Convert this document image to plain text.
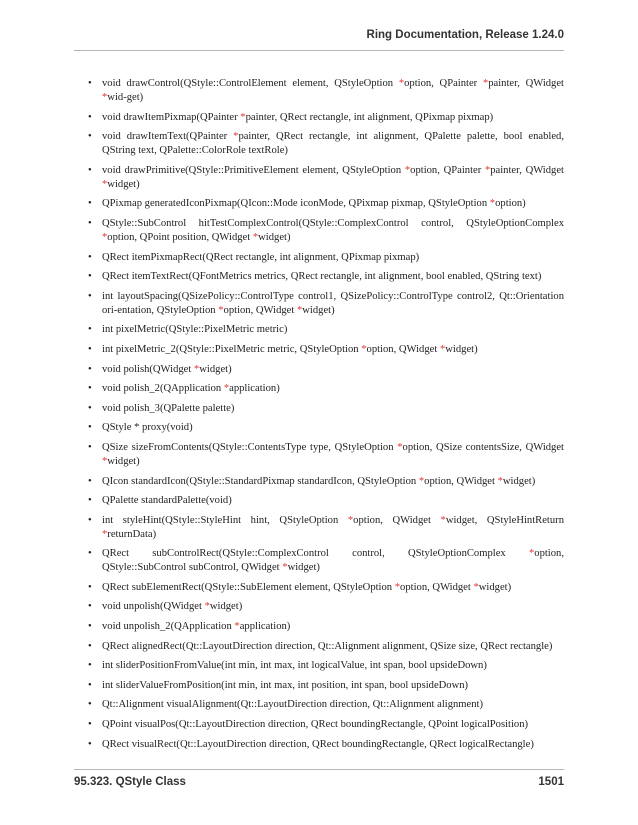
Ring Documentation, Release 1.24.0
• void drawControl(QStyle::ControlElement element, QStyleOption *option, QPainter *painter, QWidget *wid-get)
• void drawItemPixmap(QPainter *painter, QRect rectangle, int alignment, QPixmap pixmap)
• void drawItemText(QPainter *painter, QRect rectangle, int alignment, QPalette palette, bool enabled, QString text, QPalette::ColorRole textRole)
• void drawPrimitive(QStyle::PrimitiveElement element, QStyleOption *option, QPainter *painter, QWidget *widget)
• QPixmap generatedIconPixmap(QIcon::Mode iconMode, QPixmap pixmap, QStyleOption *option)
• QStyle::SubControl hitTestComplexControl(QStyle::ComplexControl control, QStyleOptionComplex *option, QPoint position, QWidget *widget)
• QRect itemPixmapRect(QRect rectangle, int alignment, QPixmap pixmap)
• QRect itemTextRect(QFontMetrics metrics, QRect rectangle, int alignment, bool enabled, QString text)
• int layoutSpacing(QSizePolicy::ControlType control1, QSizePolicy::ControlType control2, Qt::Orientation ori-entation, QStyleOption *option, QWidget *widget)
• int pixelMetric(QStyle::PixelMetric metric)
• int pixelMetric_2(QStyle::PixelMetric metric, QStyleOption *option, QWidget *widget)
• void polish(QWidget *widget)
• void polish_2(QApplication *application)
• void polish_3(QPalette palette)
• QStyle * proxy(void)
• QSize sizeFromContents(QStyle::ContentsType type, QStyleOption *option, QSize contentsSize, QWidget *widget)
• QIcon standardIcon(QStyle::StandardPixmap standardIcon, QStyleOption *option, QWidget *widget)
• QPalette standardPalette(void)
• int styleHint(QStyle::StyleHint hint, QStyleOption *option, QWidget *widget, QStyleHintReturn *returnData)
• QRect subControlRect(QStyle::ComplexControl control, QStyleOptionComplex *option, QStyle::SubControl subControl, QWidget *widget)
• QRect subElementRect(QStyle::SubElement element, QStyleOption *option, QWidget *widget)
• void unpolish(QWidget *widget)
• void unpolish_2(QApplication *application)
• QRect alignedRect(Qt::LayoutDirection direction, Qt::Alignment alignment, QSize size, QRect rectangle)
• int sliderPositionFromValue(int min, int max, int logicalValue, int span, bool upsideDown)
• int sliderValueFromPosition(int min, int max, int position, int span, bool upsideDown)
• Qt::Alignment visualAlignment(Qt::LayoutDirection direction, Qt::Alignment alignment)
• QPoint visualPos(Qt::LayoutDirection direction, QRect boundingRectangle, QPoint logicalPosition)
• QRect visualRect(Qt::LayoutDirection direction, QRect boundingRectangle, QRect logicalRectangle)
95.323. QStyle Class	1501
